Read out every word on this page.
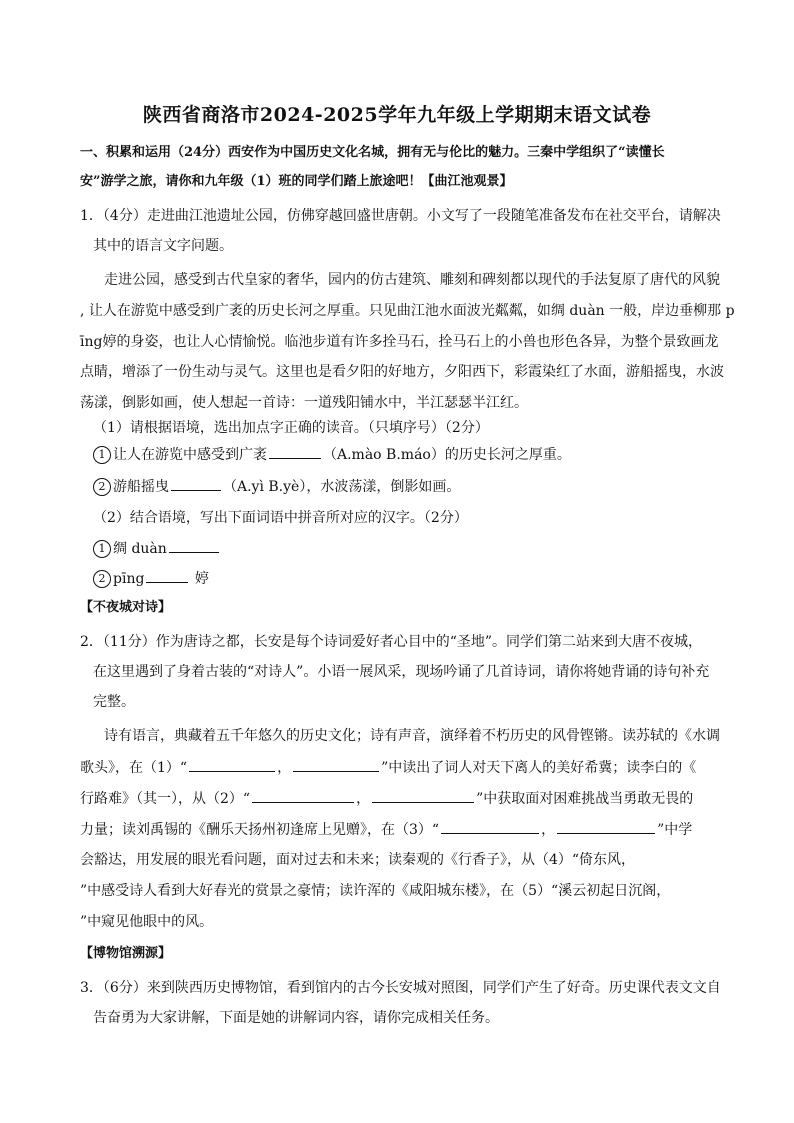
陕西省商洛市2024-2025学年九年级上学期期末语文试卷
一、积累和运用（24分）西安作为中国历史文化名城，拥有无与伦比的魅力。三秦中学组织了“读懂长
安”游学之旅，请你和九年级（1）班的同学们踏上旅途吧！【曲江池观景】
1．（4分）走进曲江池遗址公园，仿佛穿越回盛世唐朝。小文写了一段随笔准备发布在社交平台，请解决
其中的语言文字问题。
走进公园，感受到古代皇家的奢华，园内的仿古建筑、雕刻和碑刻都以现代的手法复原了唐代的风貌
, 让人在游览中感受到广袤的历史长河之厚重。只见曲江池水面波光粼粼，如绸 duàn 一般，岸边垂柳那 p
īng婷的身姿，也让人心情愉悦。临池步道有许多拴马石，拴马石上的小兽也形色各异，为整个景致画龙
点睛，增添了一份生动与灵气。这里也是看夕阳的好地方，夕阳西下，彩霞染红了水面，游船摇曳，水波
荡漾，倒影如画，使人想起一首诗：一道残阳铺水中，半江瑟瑟半江红。
（1）请根据语境，选出加点字正确的读音。（只填序号）（2分）
1 让人在游览中感受到广袤	（A.mào B.máo）的历史长河之厚重。
2 游船摇曳	（A.yì B.yè），水波荡漾，倒影如画。
（2）结合语境，写出下面词语中拼音所对应的汉字。（2分）
1 绸 duàn
2 pīng	婷
【不夜城对诗】
2．（11分）作为唐诗之都，长安是每个诗词爱好者心目中的“圣地”。同学们第二站来到大唐不夜城，
在这里遇到了身着古装的“对诗人”。小语一展风采，现场吟诵了几首诗词，请你将她背诵的诗句补充
完整。
诗有语言，典藏着五千年悠久的历史文化；诗有声音，演绎着不朽历史的风骨铿锵。读苏轼的《水调
歌头》，在（1）“	，	”中读出了词人对天下离人的美好希冀；读李白的《
行路难》（其一），从（2）“	，	”中获取面对困难挑战当勇敢无畏的
力量；读刘禹锡的《酬乐天扬州初逢席上见赠》，在（3）“	，	”中学
会豁达，用发展的眼光看问题，面对过去和未来；读秦观的《行香子》，从（4）“倚东风，
”中感受诗人看到大好春光的赏景之豪情；读许浑的《咸阳城东楼》，在（5）“溪云初起日沉阁，
”中窥见他眼中的风。
【博物馆溯源】
3．（6分）来到陕西历史博物馆，看到馆内的古今长安城对照图，同学们产生了好奇。历史课代表文文自
告奋勇为大家讲解，下面是她的讲解词内容，请你完成相关任务。
